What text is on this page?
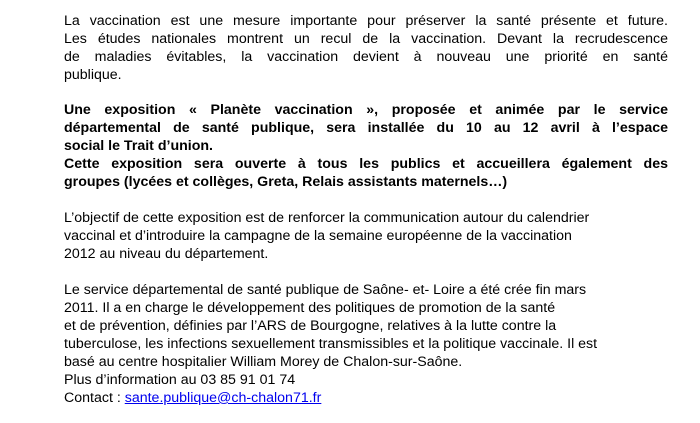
La vaccination est une mesure importante pour préserver la santé présente et future.
Les études nationales montrent un recul de la vaccination. Devant la recrudescence
de maladies évitables, la vaccination devient à nouveau une priorité en santé
publique.
Une exposition « Planète vaccination », proposée et animée par le service
départemental de santé publique, sera installée du 10 au 12 avril à l’espace
social le Trait d’union.
Cette exposition sera ouverte à tous les publics et accueillera également des
groupes (lycées et collèges, Greta, Relais assistants maternels…)
L’objectif de cette exposition est de renforcer la communication autour du calendrier
vaccinal et d’introduire la campagne de la semaine européenne de la vaccination
2012 au niveau du département.
Le service départemental de santé publique de Saône- et- Loire a été crée fin mars
2011. Il a en charge le développement des politiques de promotion de la santé
et de prévention, définies par l’ARS de Bourgogne, relatives à la lutte contre la
tuberculose, les infections sexuellement transmissibles et la politique vaccinale. Il est
basé au centre hospitalier William Morey de Chalon-sur-Saône.
Plus d’information au 03 85 91 01 74
Contact : sante.publique@ch-chalon71.fr
